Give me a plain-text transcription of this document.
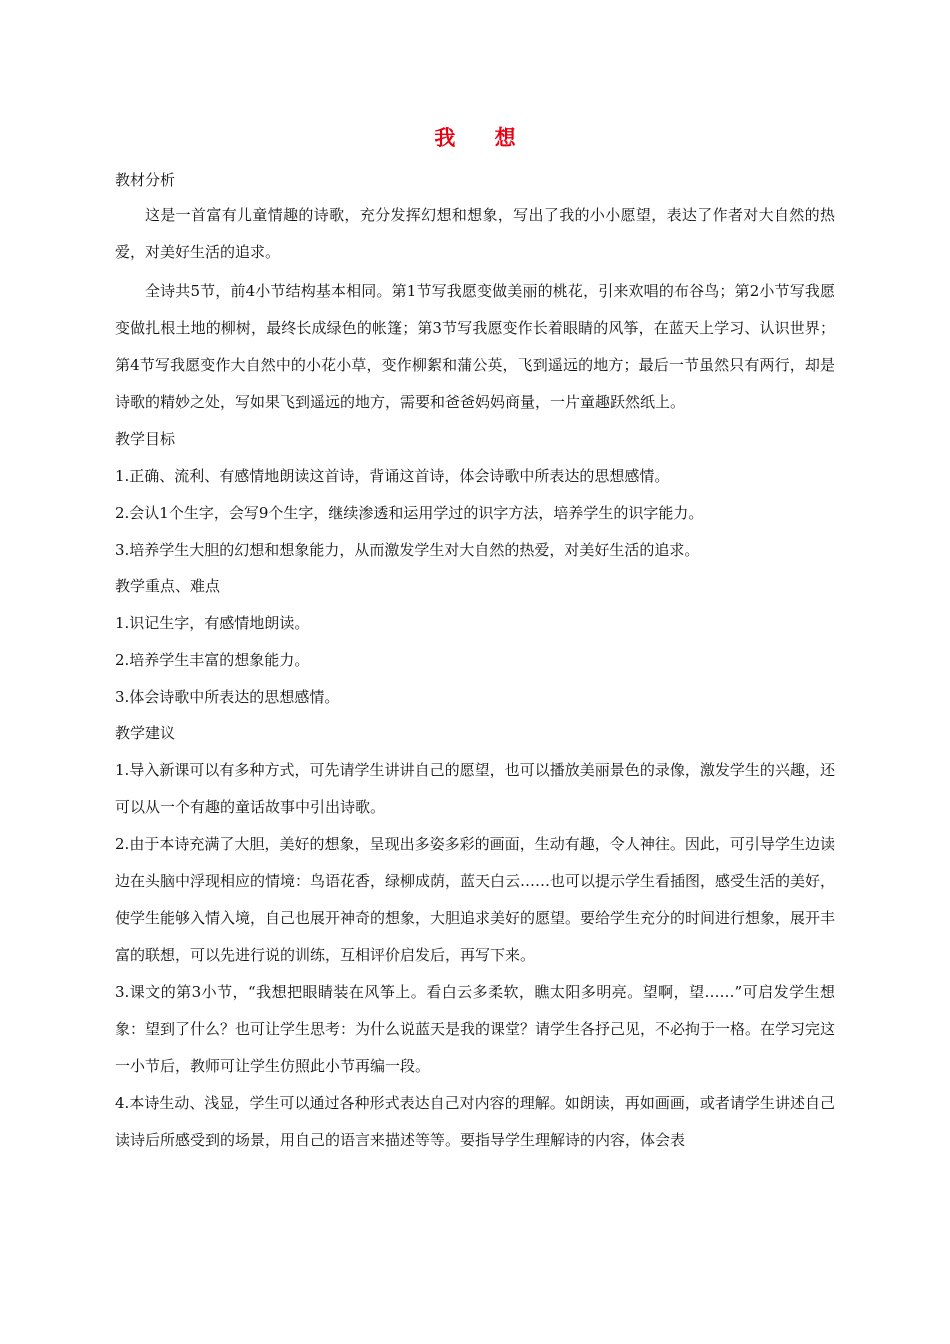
我 想
教材分析

这是一首富有儿童情趣的诗歌，充分发挥幻想和想象，写出了我的小小愿望，表达了作者对大自然的热爱，对美好生活的追求。

全诗共5节，前4小节结构基本相同。第1节写我愿变做美丽的桃花，引来欢唱的布谷鸟；第2小节写我愿变做扎根土地的柳树，最终长成绿色的帐篷；第3节写我愿变作长着眼睛的风筝，在蓝天上学习、认识世界；第4节写我愿变作大自然中的小花小草，变作柳絮和蒲公英，飞到遥远的地方；最后一节虽然只有两行，却是诗歌的精妙之处，写如果飞到遥远的地方，需要和爸爸妈妈商量，一片童趣跃然纸上。

教学目标

1.正确、流利、有感情地朗读这首诗，背诵这首诗，体会诗歌中所表达的思想感情。

2.会认1个生字，会写9个生字，继续渗透和运用学过的识字方法，培养学生的识字能力。

3.培养学生大胆的幻想和想象能力，从而激发学生对大自然的热爱，对美好生活的追求。

教学重点、难点

1.识记生字，有感情地朗读。

2.培养学生丰富的想象能力。

3.体会诗歌中所表达的思想感情。

教学建议

1.导入新课可以有多种方式，可先请学生讲讲自己的愿望，也可以播放美丽景色的录像，激发学生的兴趣，还可以从一个有趣的童话故事中引出诗歌。

2.由于本诗充满了大胆，美好的想象，呈现出多姿多彩的画面，生动有趣，令人神往。因此，可引导学生边读边在头脑中浮现相应的情境：鸟语花香，绿柳成荫，蓝天白云……也可以提示学生看插图，感受生活的美好，使学生能够入情入境，自己也展开神奇的想象，大胆追求美好的愿望。要给学生充分的时间进行想象，展开丰富的联想，可以先进行说的训练，互相评价启发后，再写下来。

3.课文的第3小节，“我想把眼睛装在风筝上。看白云多柔软，瞧太阳多明亮。望啊，望……”可启发学生想象：望到了什么？也可让学生思考：为什么说蓝天是我的课堂？请学生各抒己见，不必拘于一格。在学习完这一小节后，教师可让学生仿照此小节再编一段。

4.本诗生动、浅显，学生可以通过各种形式表达自己对内容的理解。如朗读，再如画画，或者请学生讲述自己读诗后所感受到的场景，用自己的语言来描述等等。要指导学生理解诗的内容，体会表
